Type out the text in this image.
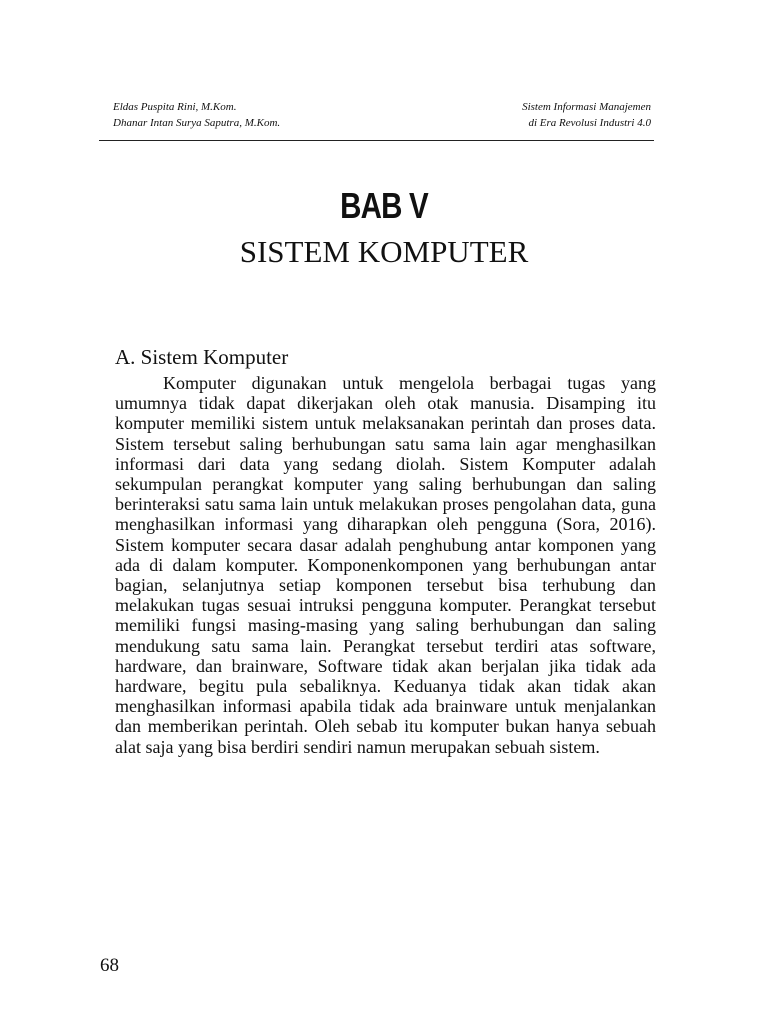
Eldas Puspita Rini, M.Kom.
Dhanar Intan Surya Saputra, M.Kom.
Sistem Informasi Manajemen
di Era Revolusi Industri 4.0
BAB V
SISTEM KOMPUTER
A. Sistem Komputer

Komputer digunakan untuk mengelola berbagai tugas yang umumnya tidak dapat dikerjakan oleh otak manusia. Disamping itu komputer memiliki sistem untuk melaksanakan perintah dan proses data. Sistem tersebut saling berhubungan satu sama lain agar menghasilkan informasi dari data yang sedang diolah. Sistem Komputer adalah sekumpulan perangkat komputer yang saling berhubungan dan saling berinteraksi satu sama lain untuk melakukan proses pengolahan data, guna menghasilkan informasi yang diharapkan oleh pengguna (Sora, 2016). Sistem komputer secara dasar adalah penghubung antar komponen yang ada di dalam komputer. Komponenkomponen yang berhubungan antar bagian, selanjutnya setiap komponen tersebut bisa terhubung dan melakukan tugas sesuai intruksi pengguna komputer. Perangkat tersebut memiliki fungsi masing-masing yang saling berhubungan dan saling mendukung satu sama lain. Perangkat tersebut terdiri atas software, hardware, dan brainware, Software tidak akan berjalan jika tidak ada hardware, begitu pula sebaliknya. Keduanya tidak akan tidak akan menghasilkan informasi apabila tidak ada brainware untuk menjalankan dan memberikan perintah. Oleh sebab itu komputer bukan hanya sebuah alat saja yang bisa berdiri sendiri namun merupakan sebuah sistem.

68
